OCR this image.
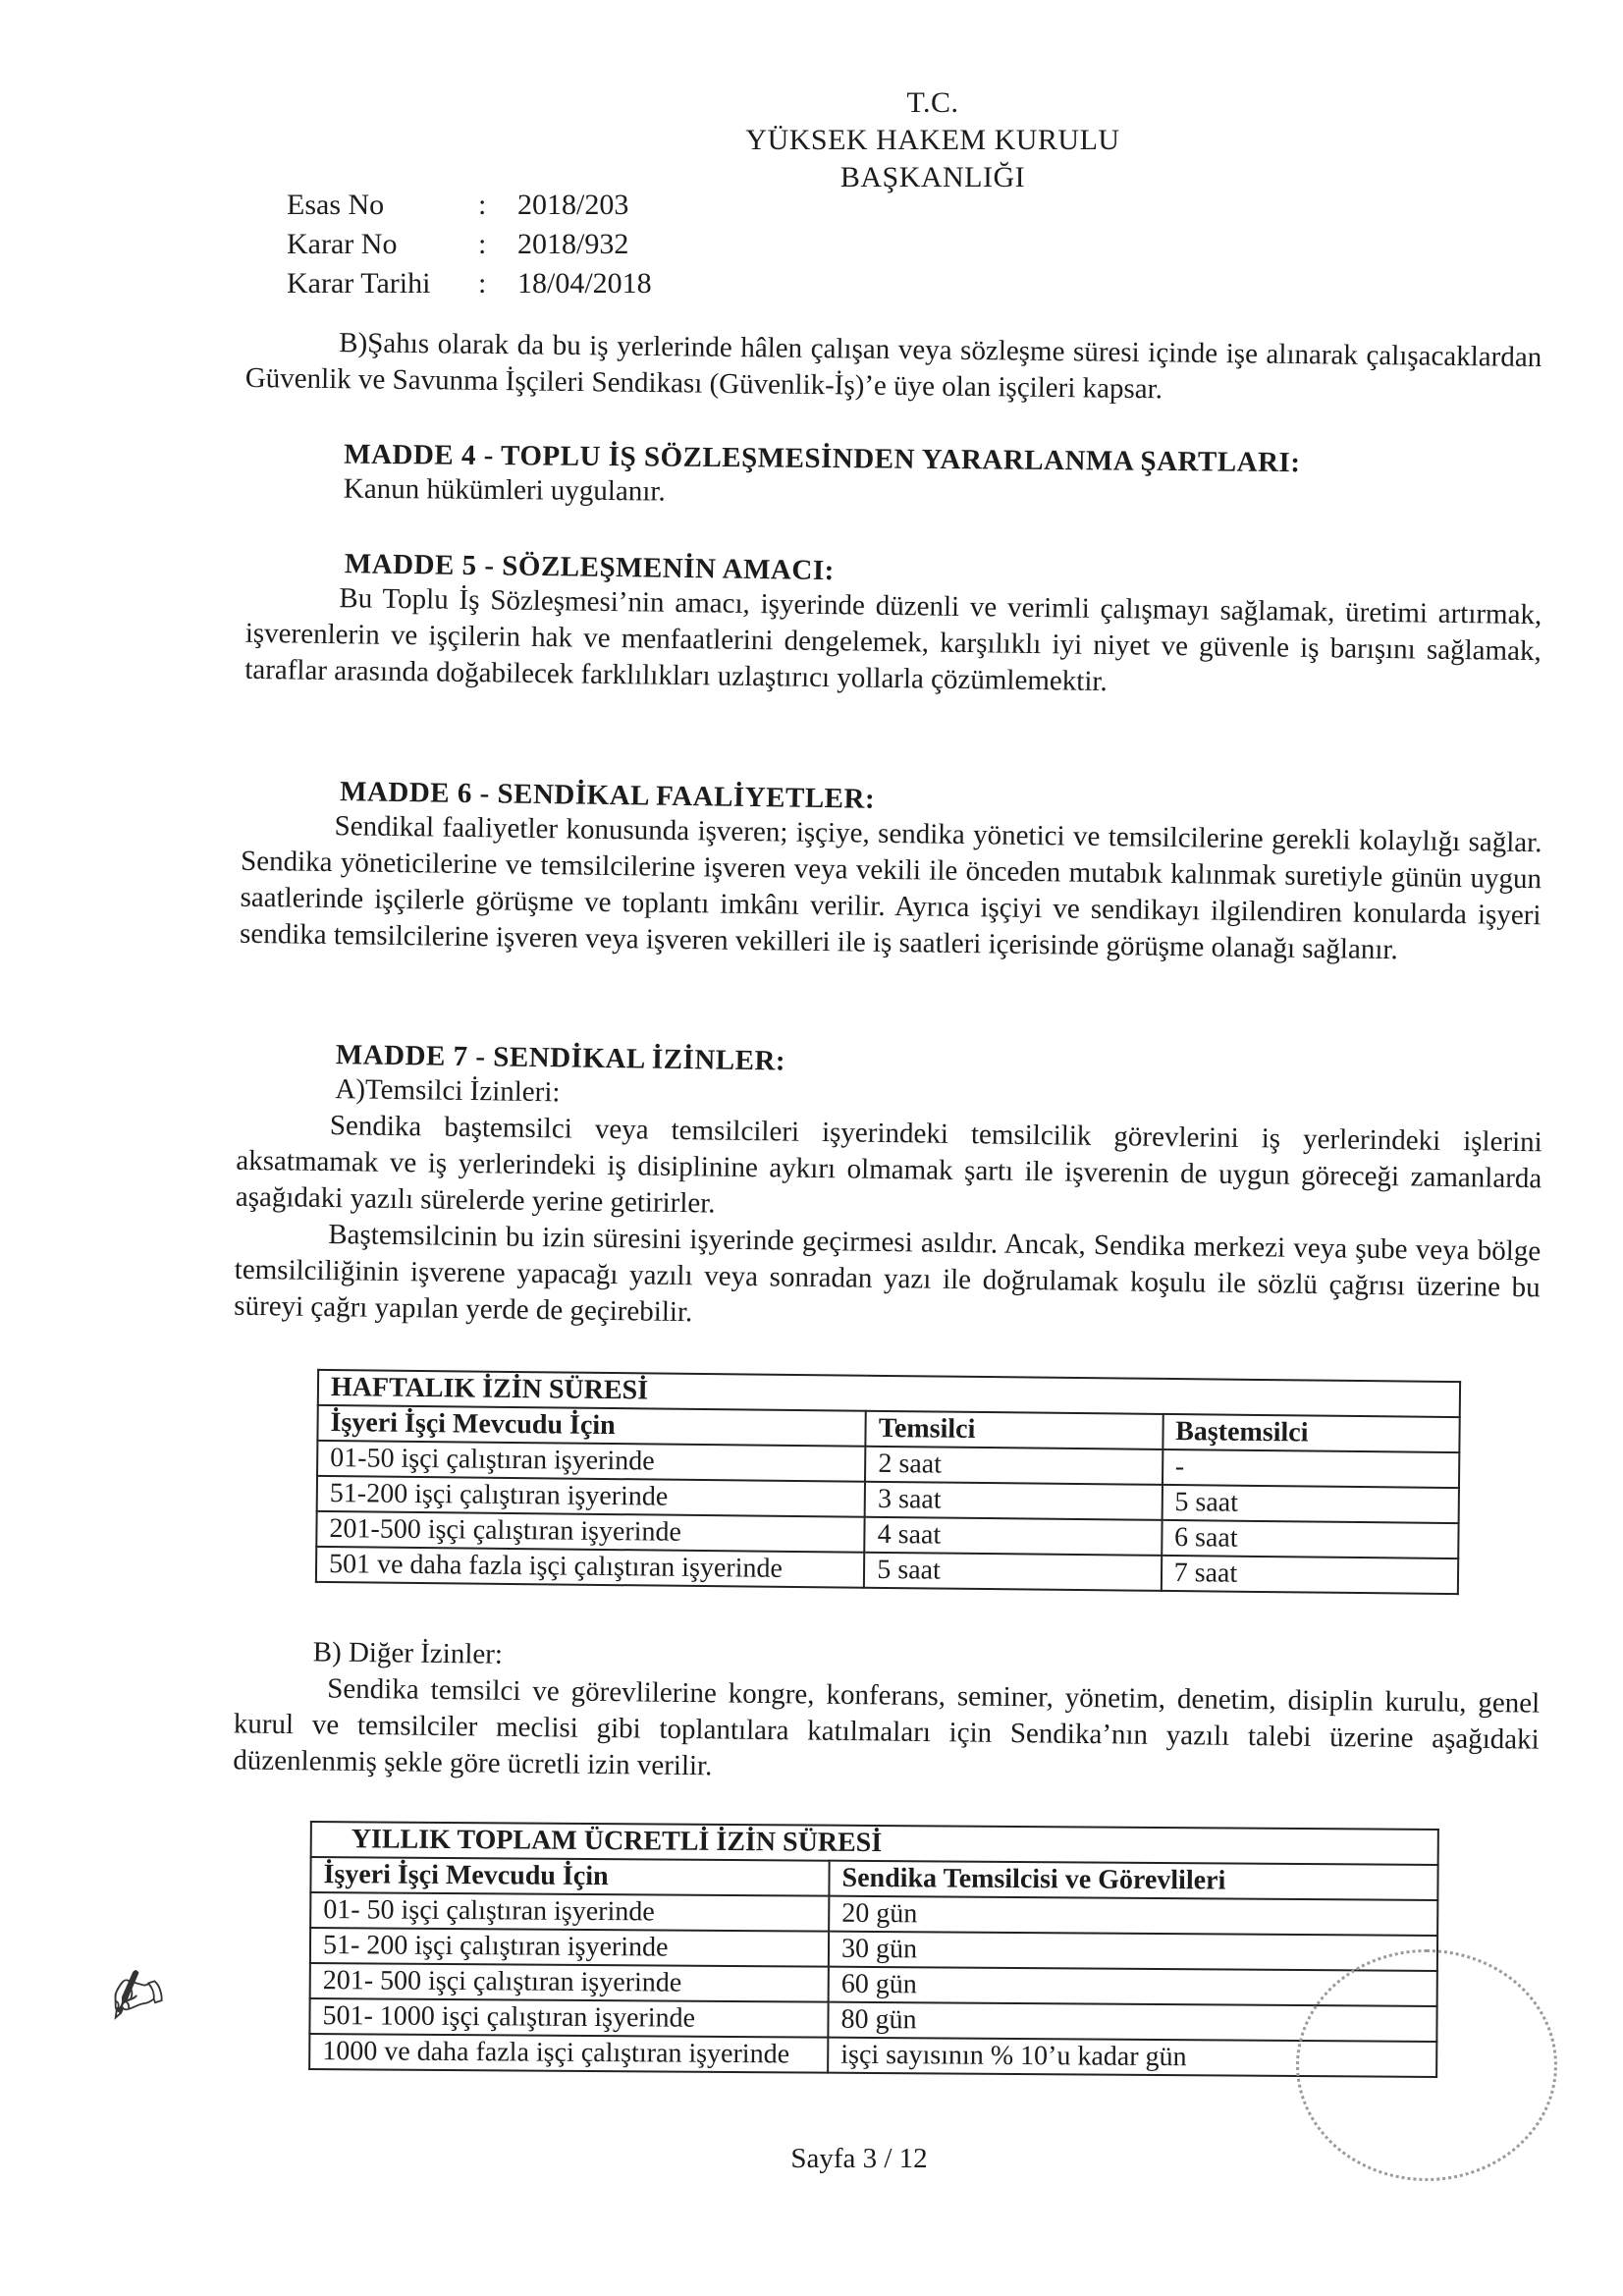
T.C.
YÜKSEK HAKEM KURULU
BAŞKANLIĞI
Esas No	: 2018/203
Karar No	: 2018/932
Karar Tarihi : 18/04/2018

B)Şahıs olarak da bu iş yerlerinde hâlen çalışan veya sözleşme süresi içinde işe alınarak çalışacaklardan Güvenlik ve Savunma İşçileri Sendikası (Güvenlik-İş)’e üye olan işçileri kapsar.

MADDE 4 - TOPLU İŞ SÖZLEŞMESİNDEN YARARLANMA ŞARTLARI:
Kanun hükümleri uygulanır.
MADDE 5 - SÖZLEŞMENİN AMACI:

Bu Toplu İş Sözleşmesi’nin amacı, işyerinde düzenli ve verimli çalışmayı sağlamak, üretimi artırmak, işverenlerin ve işçilerin hak ve menfaatlerini dengelemek, karşılıklı iyi niyet ve güvenle iş barışını sağlamak, taraflar arasında doğabilecek farklılıkları uzlaştırıcı yollarla çözümlemektir.

MADDE 6 - SENDİKAL FAALİYETLER:

Sendikal faaliyetler konusunda işveren; işçiye, sendika yönetici ve temsilcilerine gerekli kolaylığı sağlar. Sendika yöneticilerine ve temsilcilerine işveren veya vekili ile önceden mutabık kalınmak suretiyle günün uygun saatlerinde işçilerle görüşme ve toplantı imkânı verilir. Ayrıca işçiyi ve sendikayı ilgilendiren konularda işyeri sendika temsilcilerine işveren veya işveren vekilleri ile iş saatleri içerisinde görüşme olanağı sağlanır.

MADDE 7 - SENDİKAL İZİNLER:
A)Temsilci İzinleri:

Sendika baştemsilci veya temsilcileri işyerindeki temsilcilik görevlerini iş yerlerindeki işlerini aksatmamak ve iş yerlerindeki iş disiplinine aykırı olmamak şartı ile işverenin de uygun göreceği zamanlarda aşağıdaki yazılı sürelerde yerine getirirler.

Baştemsilcinin bu izin süresini işyerinde geçirmesi asıldır. Ancak, Sendika merkezi veya şube veya bölge temsilciliğinin işverene yapacağı yazılı veya sonradan yazı ile doğrulamak koşulu ile sözlü çağrısı üzerine bu süreyi çağrı yapılan yerde de geçirebilir.

HAFTALIK İZİN SÜRESİ		
İşyeri İşçi Mevcudu İçin	Temsilci	Baştemsilci
01-50 işçi çalıştıran işyerinde	2 saat	-
51-200 işçi çalıştıran işyerinde	3 saat	5 saat
201-500 işçi çalıştıran işyerinde	4 saat	6 saat
501 ve daha fazla işçi çalıştıran işyerinde	5 saat	7 saat
B) Diğer İzinler:

Sendika temsilci ve görevlilerine kongre, konferans, seminer, yönetim, denetim, disiplin kurulu, genel kurul ve temsilciler meclisi gibi toplantılara katılmaları için Sendika’nın yazılı talebi üzerine aşağıdaki düzenlenmiş şekle göre ücretli izin verilir.

YILLIK TOPLAM ÜCRETLİ İZİN SÜRESİ	
İşyeri İşçi Mevcudu İçin	Sendika Temsilcisi ve Görevlileri
01- 50 işçi çalıştıran işyerinde	20 gün
51- 200 işçi çalıştıran işyerinde	30 gün
201- 500 işçi çalıştıran işyerinde	60 gün
501- 1000 işçi çalıştıran işyerinde	80 gün
1000 ve daha fazla işçi çalıştıran işyerinde	işçi sayısının % 10’u kadar gün
✍
Sayfa 3 / 12
